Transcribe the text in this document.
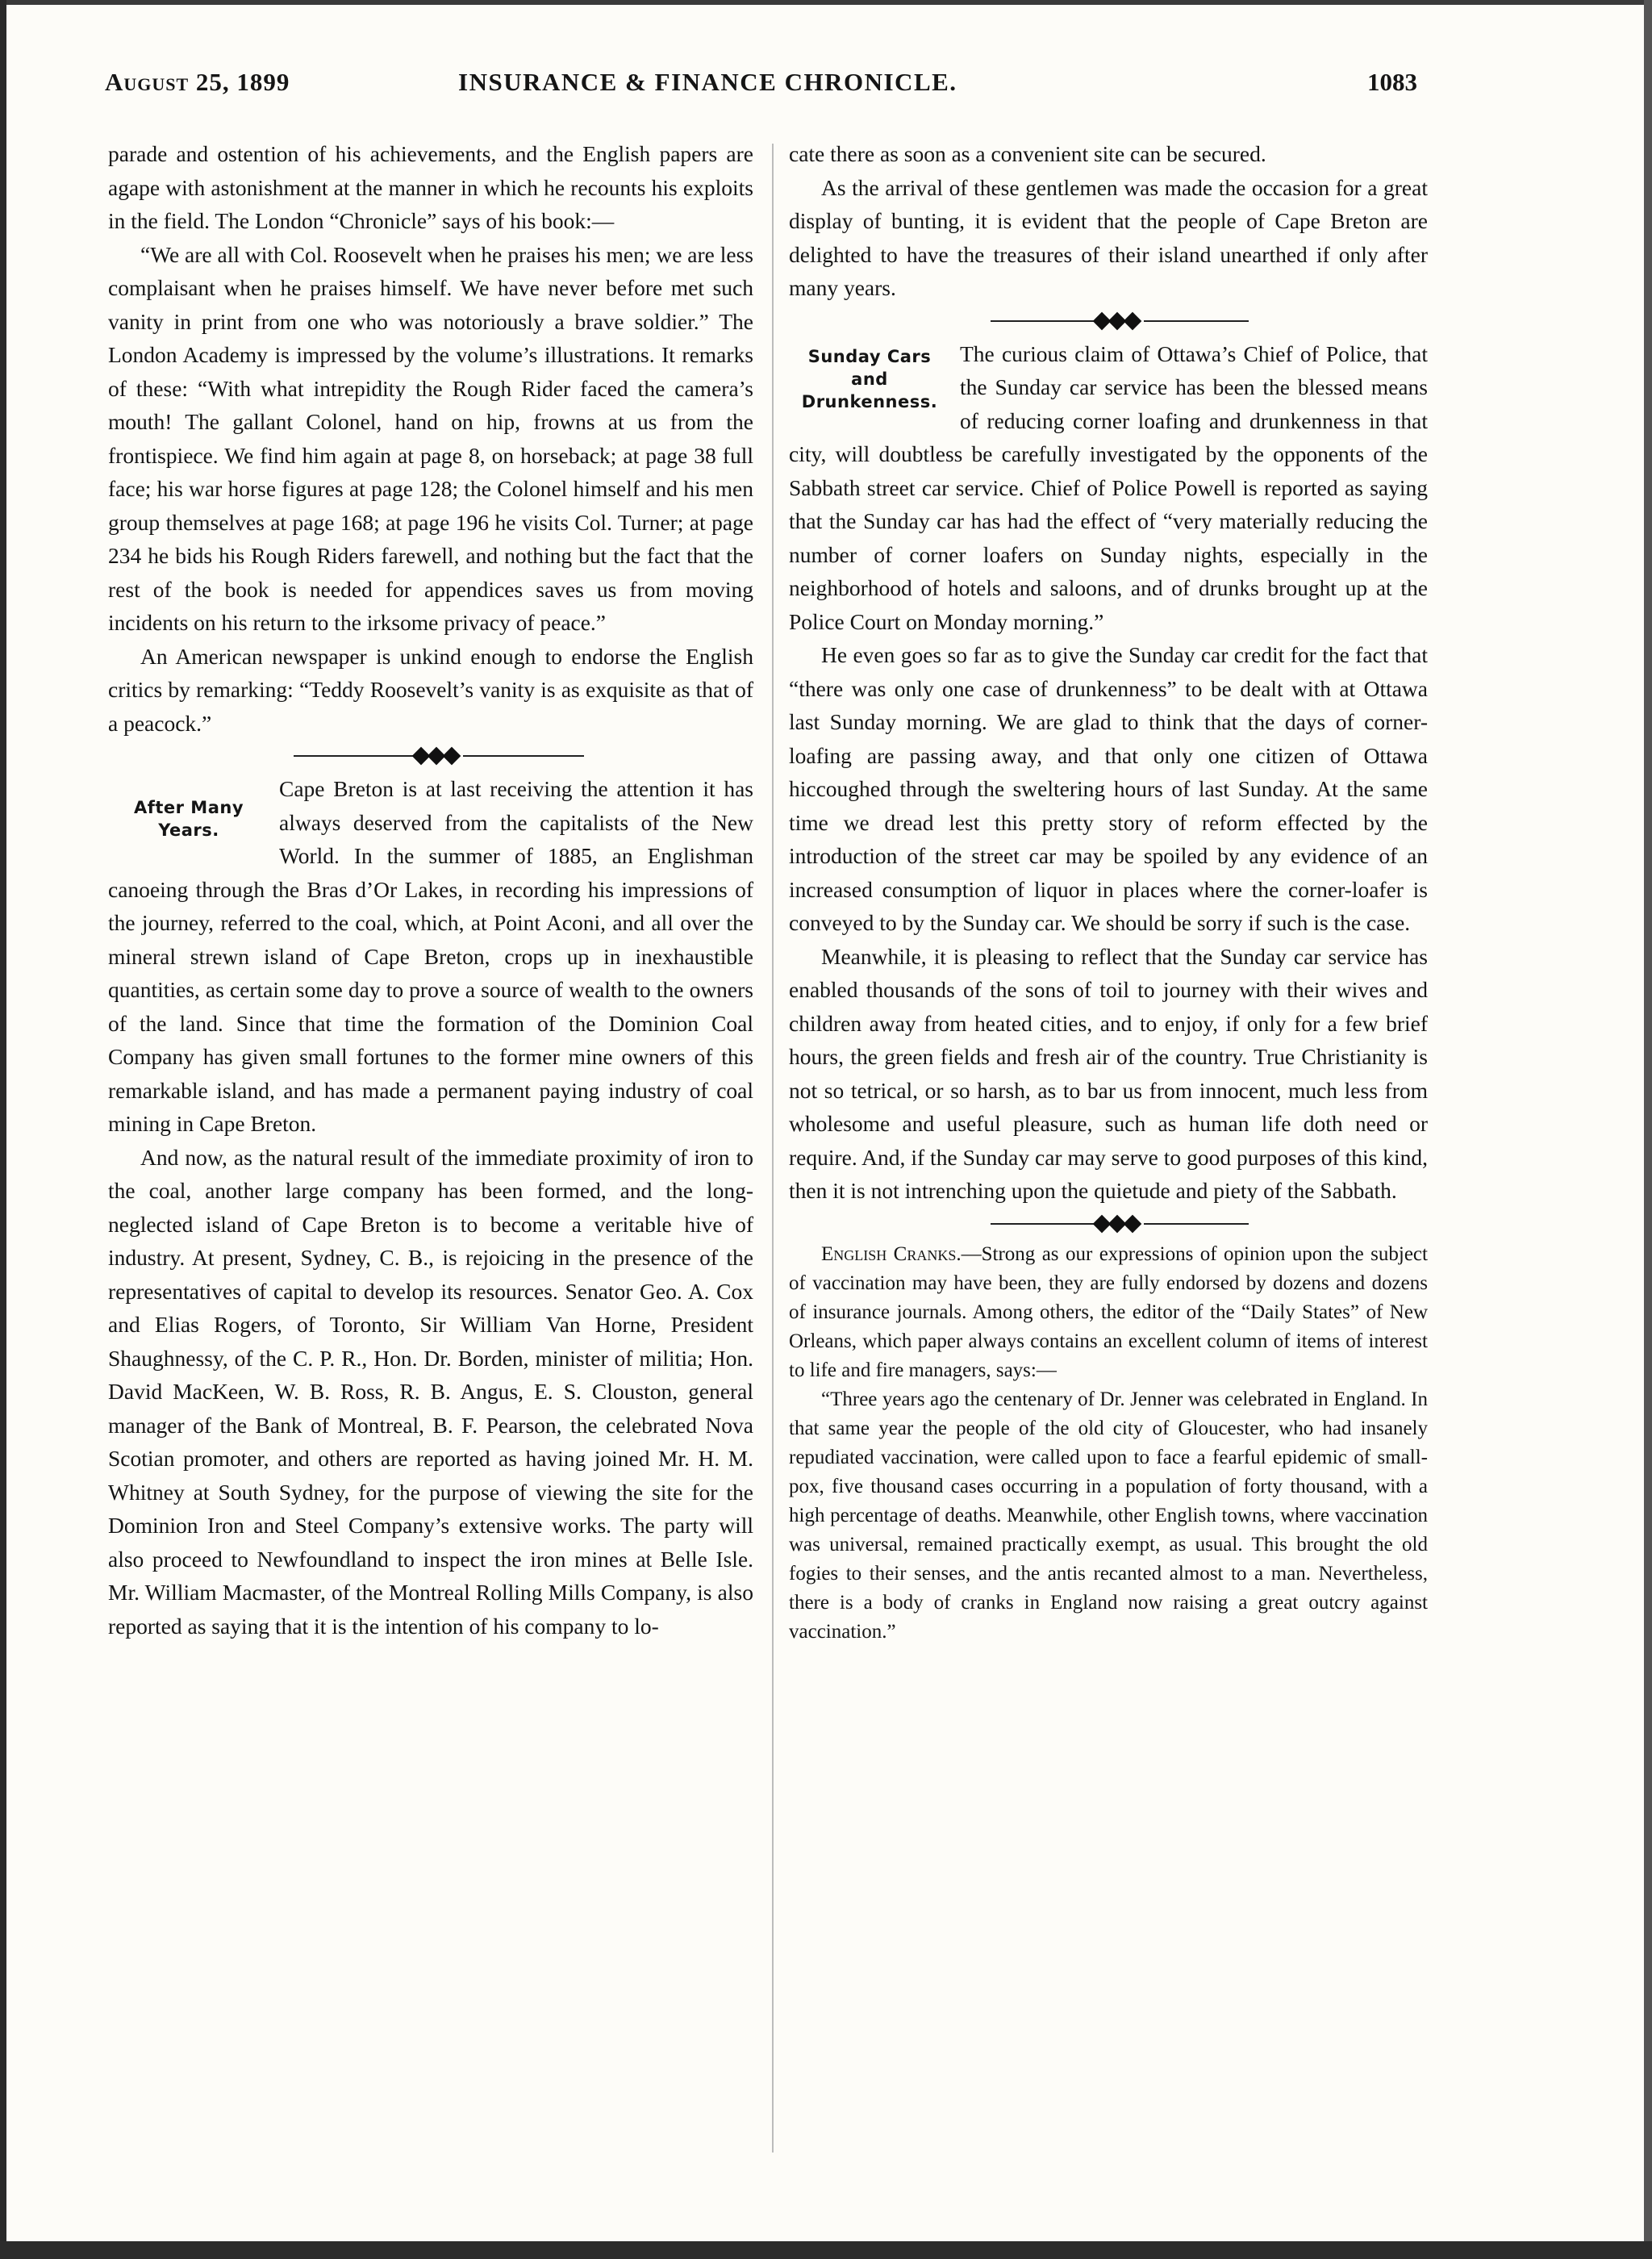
August 25, 1899	INSURANCE & FINANCE CHRONICLE.	1083

parade and ostention of his achievements, and the English papers are agape with astonishment at the manner in which he recounts his exploits in the field. The London “Chronicle” says of his book:—

“We are all with Col. Roosevelt when he praises his men; we are less complaisant when he praises himself. We have never before met such vanity in print from one who was notoriously a brave soldier.” The London Academy is impressed by the volume’s illustrations. It remarks of these: “With what intrepidity the Rough Rider faced the camera’s mouth! The gallant Colonel, hand on hip, frowns at us from the frontispiece. We find him again at page 8, on horseback; at page 38 full face; his war horse figures at page 128; the Colonel himself and his men group themselves at page 168; at page 196 he visits Col. Turner; at page 234 he bids his Rough Riders farewell, and nothing but the fact that the rest of the book is needed for appendices saves us from moving incidents on his return to the irksome privacy of peace.”

An American newspaper is unkind enough to endorse the English critics by remarking: “Teddy Roosevelt’s vanity is as exquisite as that of a peacock.”

After Many
Years.

Cape Breton is at last receiving the attention it has always deserved from the capitalists of the New World. In the summer of 1885, an Englishman canoeing through the Bras d’Or Lakes, in recording his impressions of the journey, referred to the coal, which, at Point Aconi, and all over the mineral strewn island of Cape Breton, crops up in inexhaustible quantities, as certain some day to prove a source of wealth to the owners of the land. Since that time the formation of the Dominion Coal Company has given small fortunes to the former mine owners of this remarkable island, and has made a permanent paying industry of coal mining in Cape Breton.

And now, as the natural result of the immediate proximity of iron to the coal, another large company has been formed, and the long-neglected island of Cape Breton is to become a veritable hive of industry. At present, Sydney, C. B., is rejoicing in the presence of the representatives of capital to develop its resources. Senator Geo. A. Cox and Elias Rogers, of Toronto, Sir William Van Horne, President Shaughnessy, of the C. P. R., Hon. Dr. Borden, minister of militia; Hon. David MacKeen, W. B. Ross, R. B. Angus, E. S. Clouston, general manager of the Bank of Montreal, B. F. Pearson, the celebrated Nova Scotian promoter, and others are reported as having joined Mr. H. M. Whitney at South Sydney, for the purpose of viewing the site for the Dominion Iron and Steel Company’s extensive works. The party will also proceed to Newfoundland to inspect the iron mines at Belle Isle. Mr. William Macmaster, of the Montreal Rolling Mills Company, is also reported as saying that it is the intention of his company to lo-

cate there as soon as a convenient site can be secured.

As the arrival of these gentlemen was made the occasion for a great display of bunting, it is evident that the people of Cape Breton are delighted to have the treasures of their island unearthed if only after many years.

Sunday Cars and
Drunkenness.

The curious claim of Ottawa’s Chief of Police, that the Sunday car service has been the blessed means of reducing corner loafing and drunkenness in that city, will doubtless be carefully investigated by the opponents of the Sabbath street car service. Chief of Police Powell is reported as saying that the Sunday car has had the effect of “very materially reducing the number of corner loafers on Sunday nights, especially in the neighborhood of hotels and saloons, and of drunks brought up at the Police Court on Monday morning.”

He even goes so far as to give the Sunday car credit for the fact that “there was only one case of drunkenness” to be dealt with at Ottawa last Sunday morning. We are glad to think that the days of corner-loafing are passing away, and that only one citizen of Ottawa hiccoughed through the sweltering hours of last Sunday. At the same time we dread lest this pretty story of reform effected by the introduction of the street car may be spoiled by any evidence of an increased consumption of liquor in places where the corner-loafer is conveyed to by the Sunday car. We should be sorry if such is the case.

Meanwhile, it is pleasing to reflect that the Sunday car service has enabled thousands of the sons of toil to journey with their wives and children away from heated cities, and to enjoy, if only for a few brief hours, the green fields and fresh air of the country. True Christianity is not so tetrical, or so harsh, as to bar us from innocent, much less from wholesome and useful pleasure, such as human life doth need or require. And, if the Sunday car may serve to good purposes of this kind, then it is not intrenching upon the quietude and piety of the Sabbath.

English Cranks.—Strong as our expressions of opinion upon the subject of vaccination may have been, they are fully endorsed by dozens and dozens of insurance journals. Among others, the editor of the “Daily States” of New Orleans, which paper always contains an excellent column of items of interest to life and fire managers, says:—

“Three years ago the centenary of Dr. Jenner was celebrated in England. In that same year the people of the old city of Gloucester, who had insanely repudiated vaccination, were called upon to face a fearful epidemic of small-pox, five thousand cases occurring in a population of forty thousand, with a high percentage of deaths. Meanwhile, other English towns, where vaccination was universal, remained practically exempt, as usual. This brought the old fogies to their senses, and the antis recanted almost to a man. Nevertheless, there is a body of cranks in England now raising a great outcry against vaccination.”
